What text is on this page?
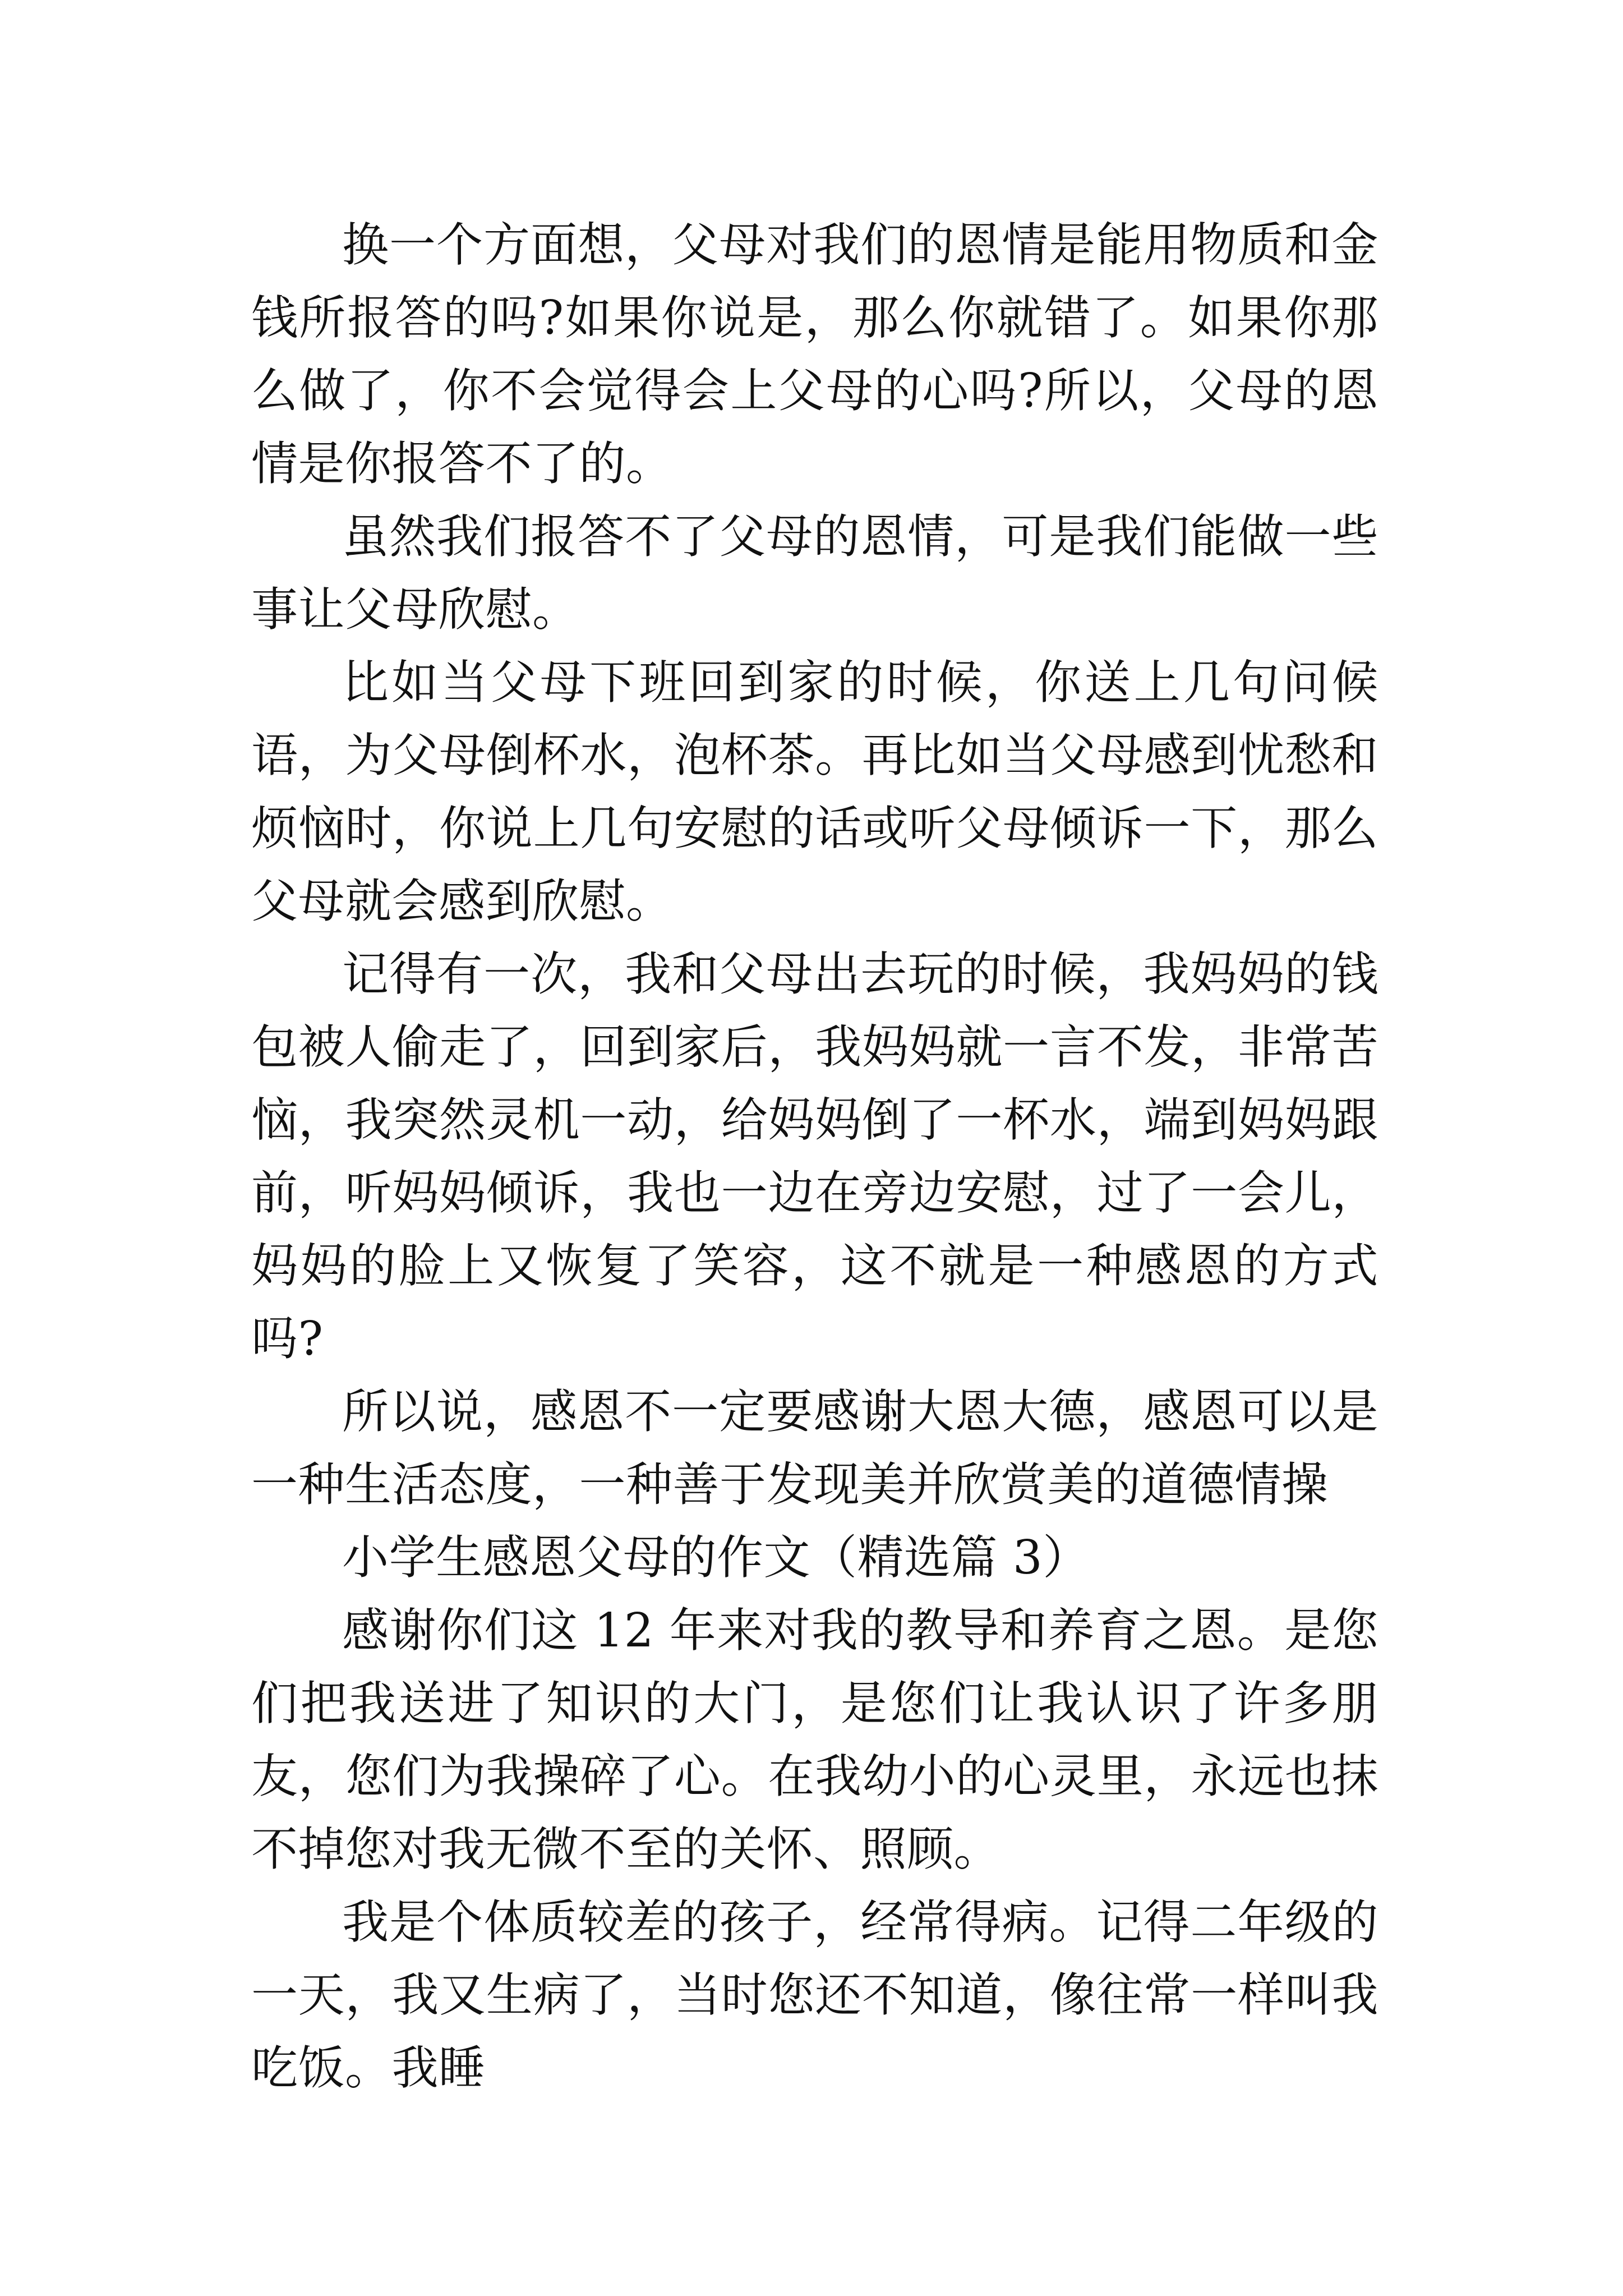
换一个方面想，父母对我们的恩情是能用物质和金钱所报答的吗?如果你说是，那么你就错了。如果你那么做了，你不会觉得会上父母的心吗?所以，父母的恩情是你报答不了的。

虽然我们报答不了父母的恩情，可是我们能做一些事让父母欣慰。

比如当父母下班回到家的时候，你送上几句问候语，为父母倒杯水，泡杯茶。再比如当父母感到忧愁和烦恼时，你说上几句安慰的话或听父母倾诉一下，那么父母就会感到欣慰。

记得有一次，我和父母出去玩的时候，我妈妈的钱包被人偷走了，回到家后，我妈妈就一言不发，非常苦恼，我突然灵机一动，给妈妈倒了一杯水，端到妈妈跟前，听妈妈倾诉，我也一边在旁边安慰，过了一会儿，妈妈的脸上又恢复了笑容，这不就是一种感恩的方式吗?

所以说，感恩不一定要感谢大恩大德，感恩可以是一种生活态度，一种善于发现美并欣赏美的道德情操

小学生感恩父母的作文（精选篇 3）

感谢你们这 12 年来对我的教导和养育之恩。是您们把我送进了知识的大门，是您们让我认识了许多朋友，您们为我操碎了心。在我幼小的心灵里，永远也抹不掉您对我无微不至的关怀、照顾。

我是个体质较差的孩子，经常得病。记得二年级的一天，我又生病了，当时您还不知道，像往常一样叫我吃饭。我睡
